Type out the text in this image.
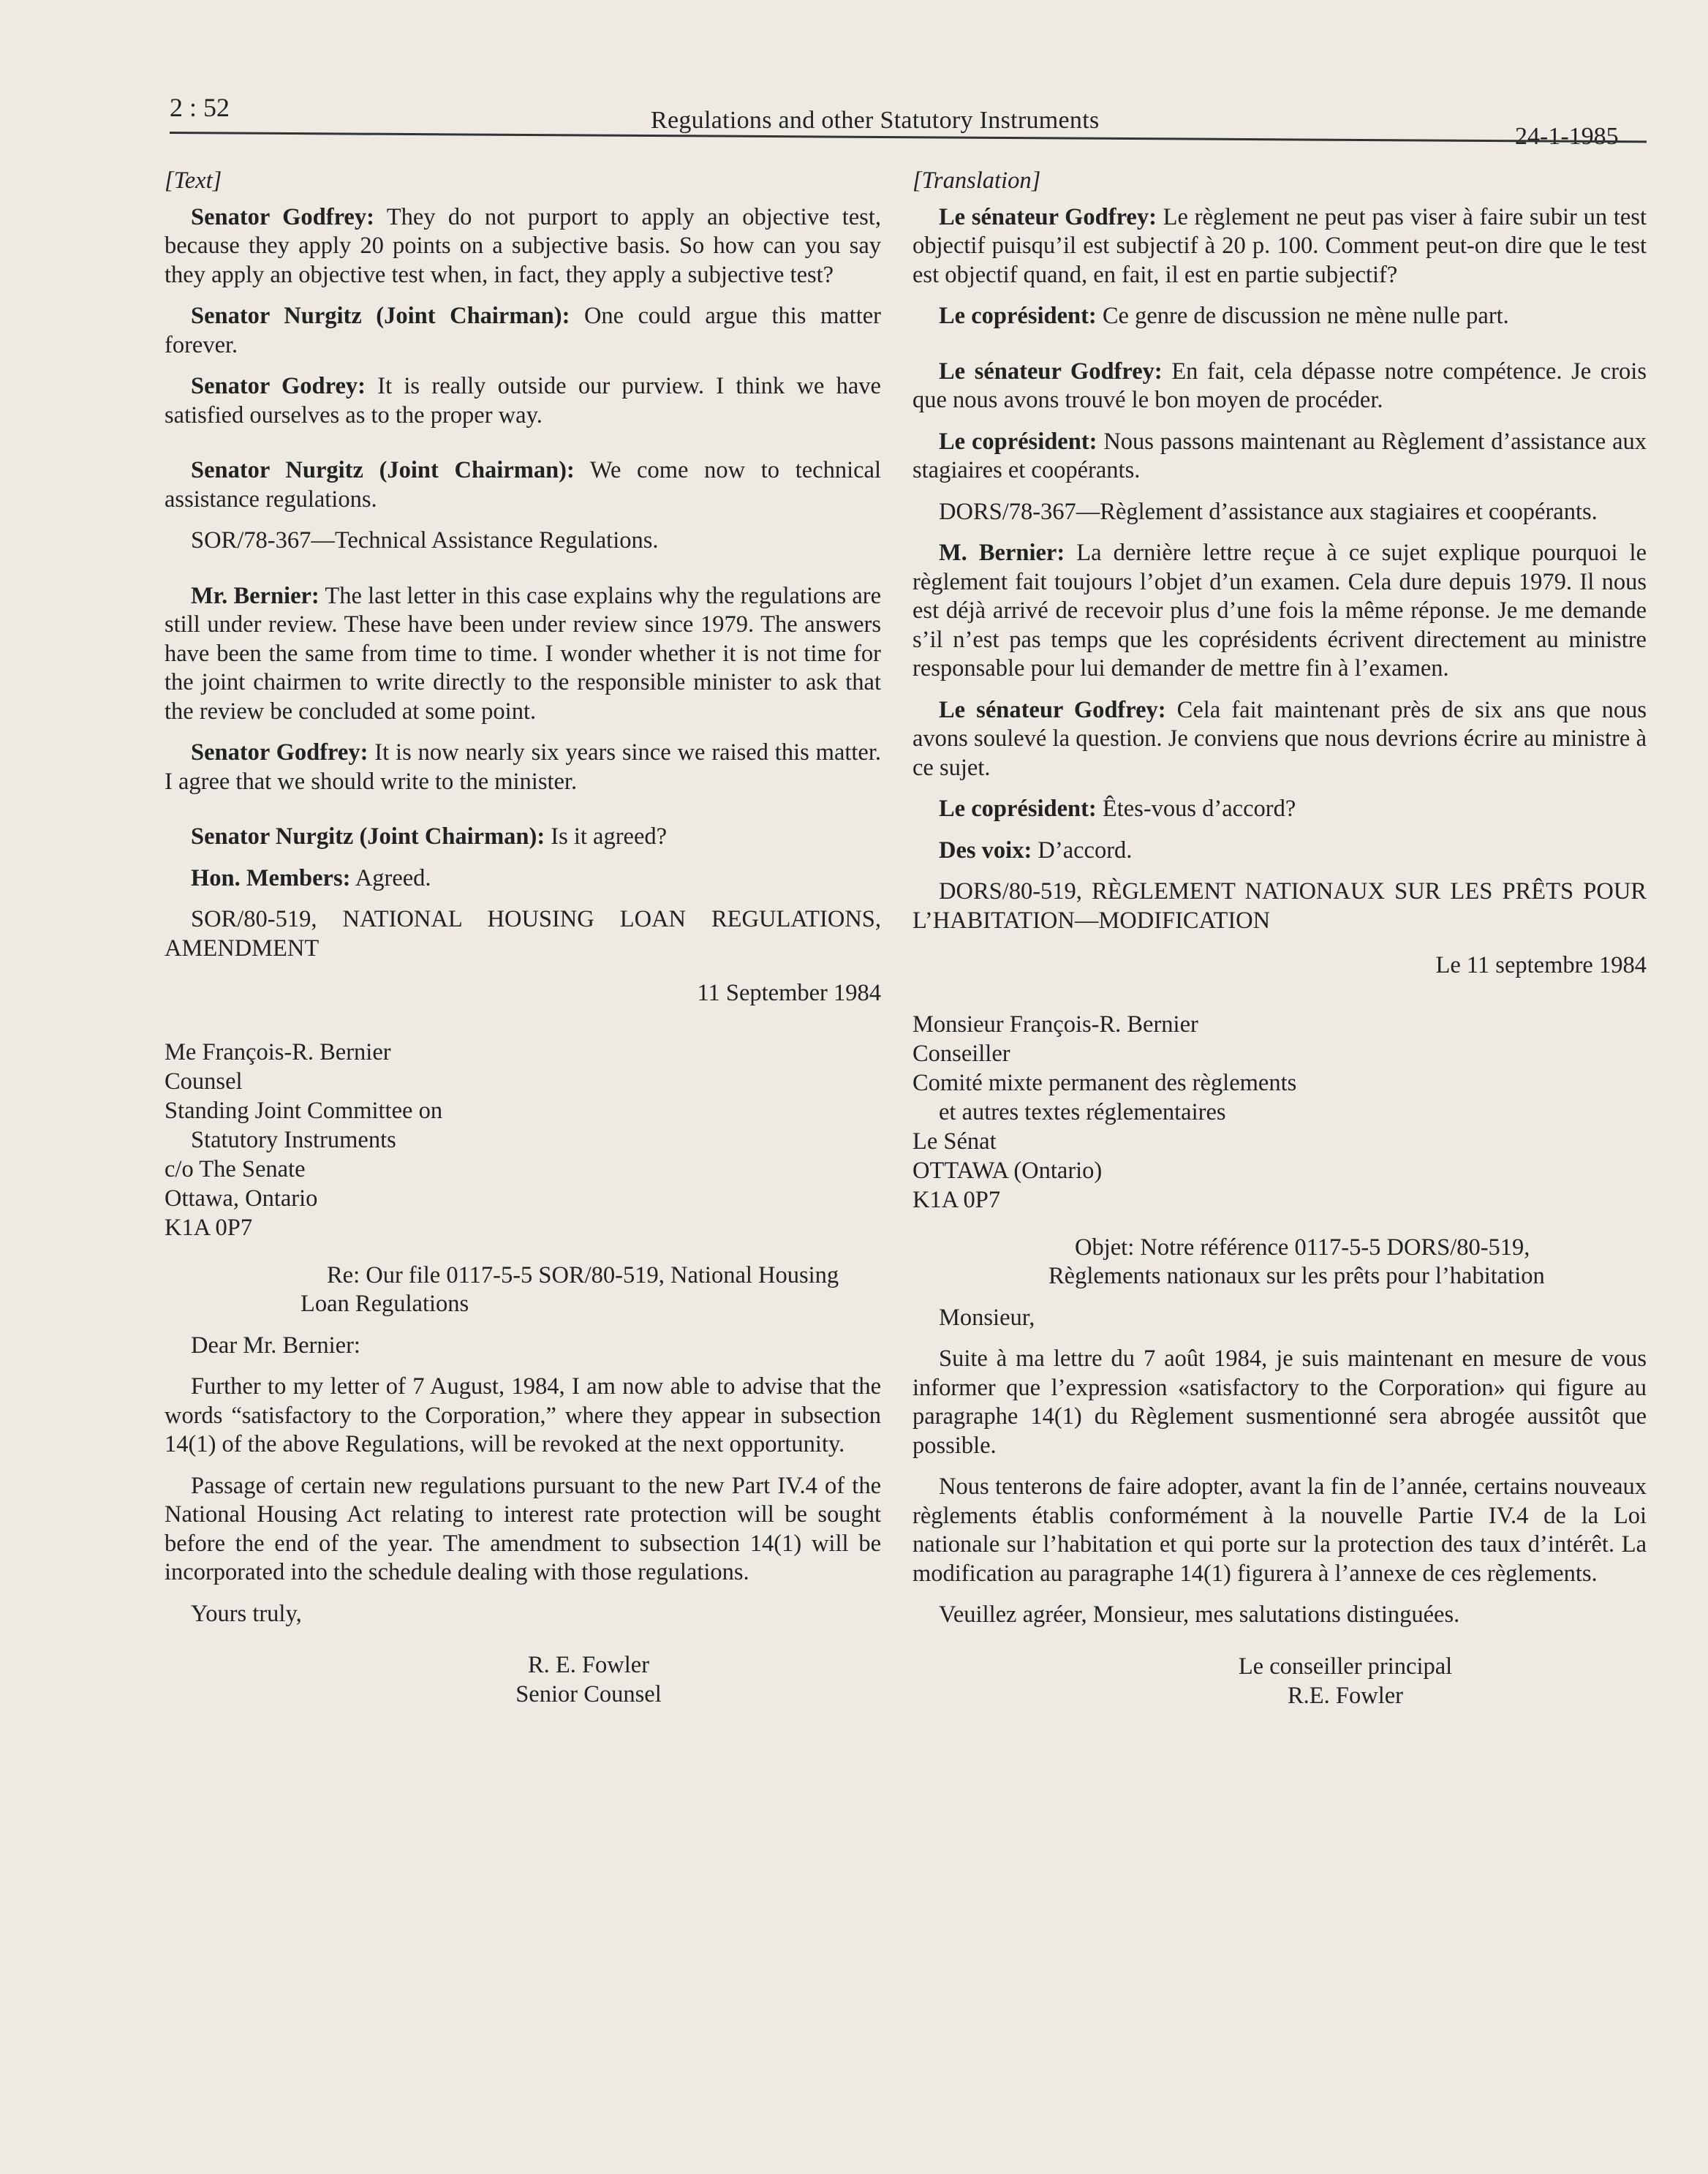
2 : 52	Regulations and other Statutory Instruments
24-1-1985

[Text]

Senator Godfrey: They do not purport to apply an objective test, because they apply 20 points on a subjective basis. So how can you say they apply an objective test when, in fact, they apply a subjective test?

Senator Nurgitz (Joint Chairman): One could argue this matter forever.

Senator Godrey: It is really outside our purview. I think we have satisfied ourselves as to the proper way.

Senator Nurgitz (Joint Chairman): We come now to technical assistance regulations.

SOR/78-367—Technical Assistance Regulations.

Mr. Bernier: The last letter in this case explains why the regulations are still under review. These have been under review since 1979. The answers have been the same from time to time. I wonder whether it is not time for the joint chairmen to write directly to the responsible minister to ask that the review be concluded at some point.

Senator Godfrey: It is now nearly six years since we raised this matter. I agree that we should write to the minister.

Senator Nurgitz (Joint Chairman): Is it agreed?

Hon. Members: Agreed.

SOR/80-519, NATIONAL HOUSING LOAN REGULATIONS, AMENDMENT

11 September 1984

Me François-R. Bernier
Counsel
Standing Joint Committee on
Statutory Instruments
c/o The Senate
Ottawa, Ontario
K1A 0P7

Re: Our file 0117-5-5 SOR/80-519, National Housing Loan Regulations

Dear Mr. Bernier:

Further to my letter of 7 August, 1984, I am now able to advise that the words “satisfactory to the Corporation,” where they appear in subsection 14(1) of the above Regulations, will be revoked at the next opportunity.

Passage of certain new regulations pursuant to the new Part IV.4 of the National Housing Act relating to interest rate protection will be sought before the end of the year. The amendment to subsection 14(1) will be incorporated into the schedule dealing with those regulations.

Yours truly,

R. E. Fowler
Senior Counsel

[Translation]

Le sénateur Godfrey: Le règlement ne peut pas viser à faire subir un test objectif puisqu’il est subjectif à 20 p. 100. Comment peut-on dire que le test est objectif quand, en fait, il est en partie subjectif?

Le coprésident: Ce genre de discussion ne mène nulle part.

Le sénateur Godfrey: En fait, cela dépasse notre compétence. Je crois que nous avons trouvé le bon moyen de procéder.

Le coprésident: Nous passons maintenant au Règlement d’assistance aux stagiaires et coopérants.

DORS/78-367—Règlement d’assistance aux stagiaires et coopérants.

M. Bernier: La dernière lettre reçue à ce sujet explique pourquoi le règlement fait toujours l’objet d’un examen. Cela dure depuis 1979. Il nous est déjà arrivé de recevoir plus d’une fois la même réponse. Je me demande s’il n’est pas temps que les coprésidents écrivent directement au ministre responsable pour lui demander de mettre fin à l’examen.

Le sénateur Godfrey: Cela fait maintenant près de six ans que nous avons soulevé la question. Je conviens que nous devrions écrire au ministre à ce sujet.

Le coprésident: Êtes-vous d’accord?

Des voix: D’accord.

DORS/80-519, RÈGLEMENT NATIONAUX SUR LES PRÊTS POUR L’HABITATION—MODIFICATION

Le 11 septembre 1984

Monsieur François-R. Bernier
Conseiller
Comité mixte permanent des règlements
et autres textes réglementaires
Le Sénat
OTTAWA (Ontario)
K1A 0P7

Objet: Notre référence 0117-5-5 DORS/80-519, Règlements nationaux sur les prêts pour l’habitation

Monsieur,

Suite à ma lettre du 7 août 1984, je suis maintenant en mesure de vous informer que l’expression «satisfactory to the Corporation» qui figure au paragraphe 14(1) du Règlement susmentionné sera abrogée aussitôt que possible.

Nous tenterons de faire adopter, avant la fin de l’année, certains nouveaux règlements établis conformément à la nouvelle Partie IV.4 de la Loi nationale sur l’habitation et qui porte sur la protection des taux d’intérêt. La modification au paragraphe 14(1) figurera à l’annexe de ces règlements.

Veuillez agréer, Monsieur, mes salutations distinguées.

Le conseiller principal
R.E. Fowler
